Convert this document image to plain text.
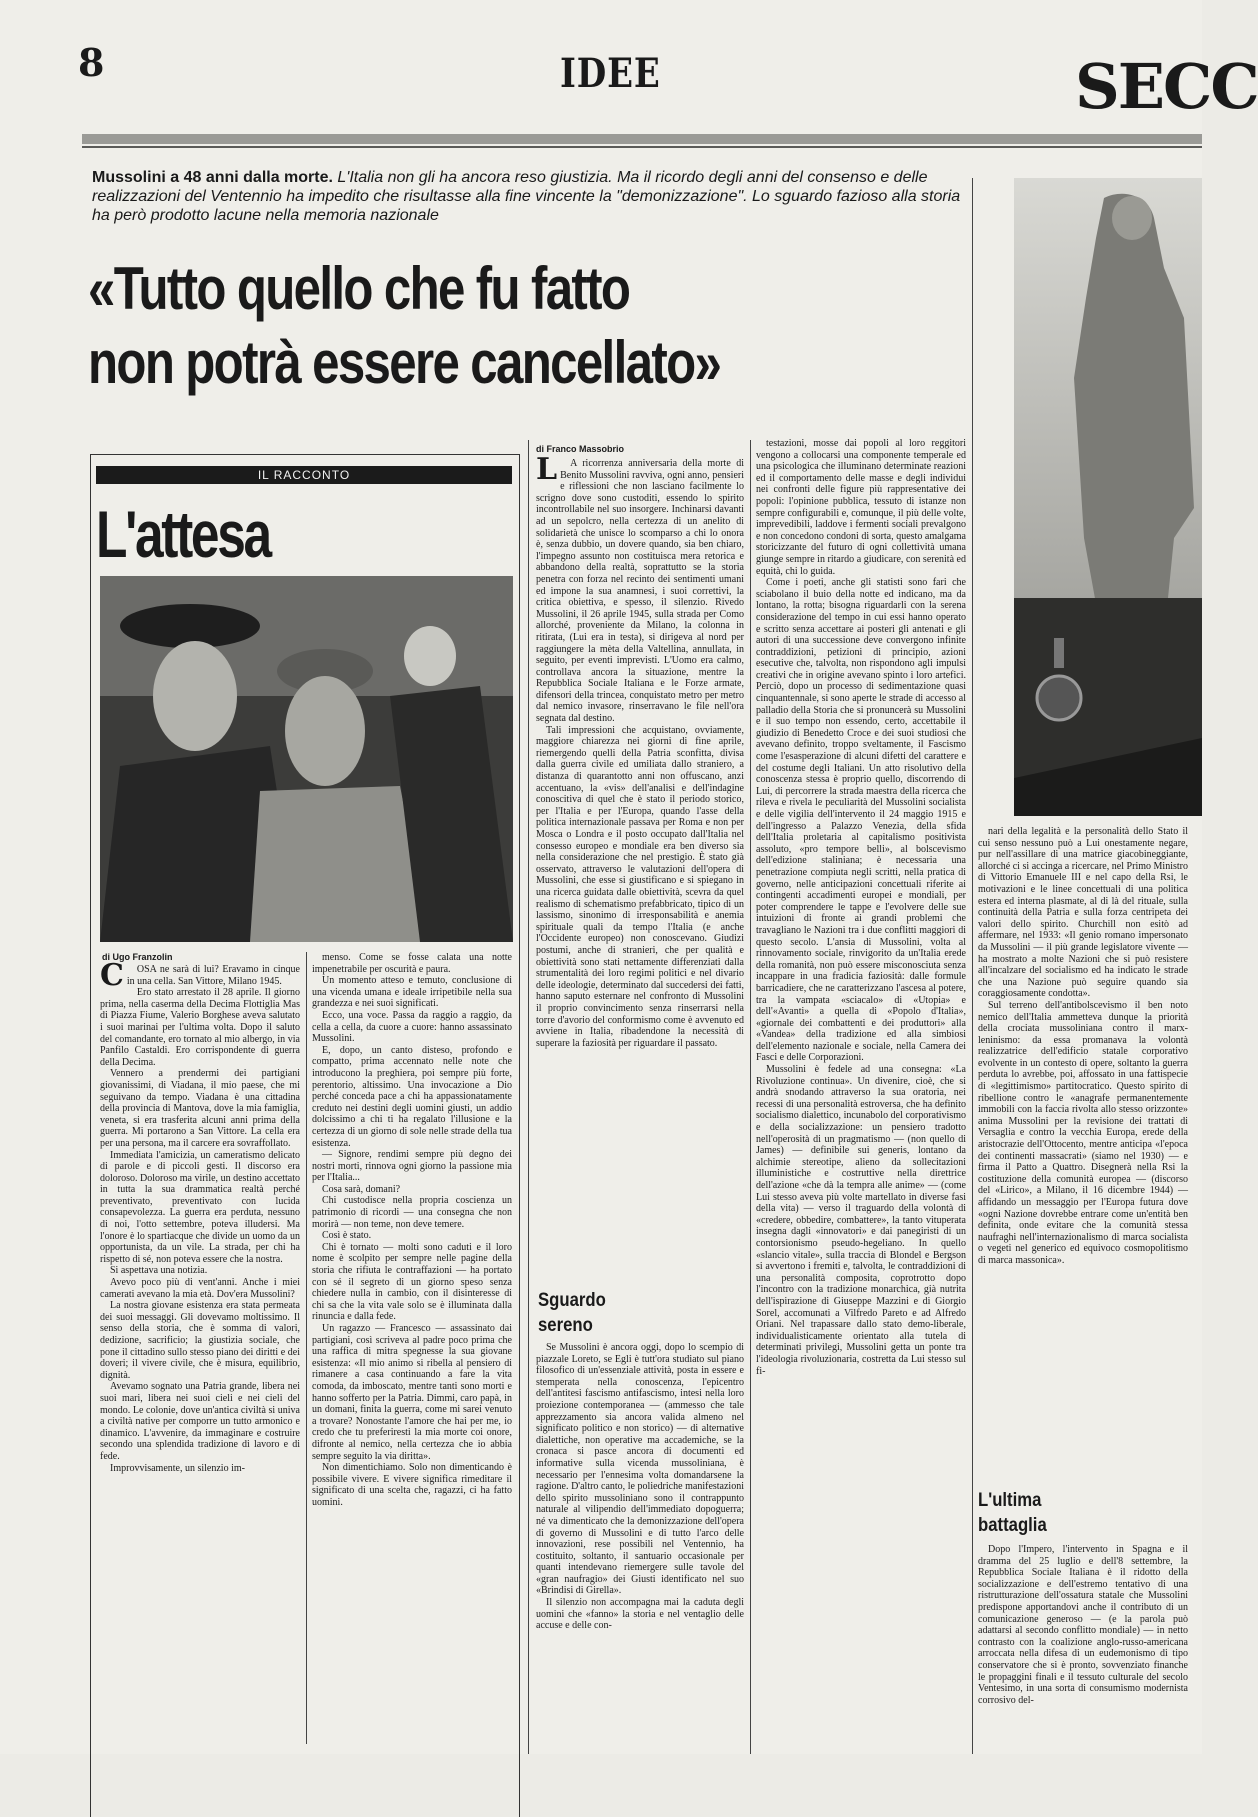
8	IDEE	SECC
Mussolini a 48 anni dalla morte. L'Italia non gli ha ancora reso giustizia. Ma il ricordo degli anni del consenso e delle realizzazioni del Ventennio ha impedito che risultasse alla fine vincente la "demonizzazione". Lo sguardo fazioso alla storia ha però prodotto lacune nella memoria nazionale
«Tutto quello che fu fatto
non potrà essere cancellato»
IL RACCONTO
L'attesa
di Ugo Franzolin
C	OSA ne sarà di lui? Eravamo in cinque in una cella. San Vittore, Milano 1945.

Ero stato arrestato il 28 aprile. Il giorno prima, nella caserma della Decima Flottiglia Mas di Piazza Fiume, Valerio Borghese aveva salutato i suoi marinai per l'ultima volta. Dopo il saluto del comandante, ero tornato al mio albergo, in via Panfilo Castaldi. Ero corrispondente di guerra della Decima.

Vennero a prendermi dei partigiani giovanissimi, di Viadana, il mio paese, che mi seguivano da tempo. Viadana è una cittadina della provincia di Mantova, dove la mia famiglia, veneta, si era trasferita alcuni anni prima della guerra. Mi portarono a San Vittore. La cella era per una persona, ma il carcere era sovraffollato.

Immediata l'amicizia, un cameratismo delicato di parole e di piccoli gesti. Il discorso era doloroso. Doloroso ma virile, un destino accettato in tutta la sua drammatica realtà perché preventivato, preventivato con lucida consapevolezza. La guerra era perduta, nessuno di noi, l'otto settembre, poteva illudersi. Ma l'onore è lo spartiacque che divide un uomo da un opportunista, da un vile. La strada, per chi ha rispetto di sé, non poteva essere che la nostra.

Si aspettava una notizia.

Avevo poco più di vent'anni. Anche i miei camerati avevano la mia età. Dov'era Mussolini?

La nostra giovane esistenza era stata permeata dei suoi messaggi. Gli dovevamo moltissimo. Il senso della storia, che è somma di valori, dedizione, sacrificio; la giustizia sociale, che pone il cittadino sullo stesso piano dei diritti e dei doveri; il vivere civile, che è misura, equilibrio, dignità.

Avevamo sognato una Patria grande, libera nei suoi mari, libera nei suoi cieli e nei cieli del mondo. Le colonie, dove un'antica civiltà si univa a civiltà native per comporre un tutto armonico e dinamico. L'avvenire, da immaginare e costruire secondo una splendida tradizione di lavoro e di fede.

Improvvisamente, un silenzio im-

menso. Come se fosse calata una notte impenetrabile per oscurità e paura.

Un momento atteso e temuto, conclusione di una vicenda umana e ideale irripetibile nella sua grandezza e nei suoi significati.

Ecco, una voce. Passa da raggio a raggio, da cella a cella, da cuore a cuore: hanno assassinato Mussolini.

E, dopo, un canto disteso, profondo e compatto, prima accennato nelle note che introducono la preghiera, poi sempre più forte, perentorio, altissimo. Una invocazione a Dio perché conceda pace a chi ha appassionatamente creduto nei destini degli uomini giusti, un addio dolcissimo a chi ti ha regalato l'illusione e la certezza di un giorno di sole nelle strade della tua esistenza.

— Signore, rendimi sempre più degno dei nostri morti, rinnova ogni giorno la passione mia per l'Italia...

Cosa sarà, domani?

Chi custodisce nella propria coscienza un patrimonio di ricordi — una consegna che non morirà — non teme, non deve temere.

Così è stato.

Chi è tornato — molti sono caduti e il loro nome è scolpito per sempre nelle pagine della storia che rifiuta le contraffazioni — ha portato con sé il segreto di un giorno speso senza chiedere nulla in cambio, con il disinteresse di chi sa che la vita vale solo se è illuminata dalla rinuncia e dalla fede.

Un ragazzo — Francesco — assassinato dai partigiani, così scriveva al padre poco prima che una raffica di mitra spegnesse la sua giovane esistenza: «Il mio animo si ribella al pensiero di rimanere a casa continuando a fare la vita comoda, da imboscato, mentre tanti sono morti e hanno sofferto per la Patria. Dimmi, caro papà, in un domani, finita la guerra, come mi sarei venuto a trovare? Nonostante l'amore che hai per me, io credo che tu preferiresti la mia morte coi onore, difronte al nemico, nella certezza che io abbia sempre seguito la via diritta».

Non dimentichiamo. Solo non dimenticando è possibile vivere. E vivere significa rimeditare il significato di una scelta che, ragazzi, ci ha fatto uomini.

di Franco Massobrio
L	A ricorrenza anniversaria della morte di Benito Mussolini ravviva, ogni anno, pensieri e riflessioni che non lasciano facilmente lo scrigno dove sono custoditi, essendo lo spirito incontrollabile nel suo insorgere. Inchinarsi davanti ad un sepolcro, nella certezza di un anelito di solidarietà che unisce lo scomparso a chi lo onora è, senza dubbio, un dovere quando, sia ben chiaro, l'impegno assunto non costituisca mera retorica e abbandono della realtà, soprattutto se la storia penetra con forza nel recinto dei sentimenti umani ed impone la sua anamnesi, i suoi correttivi, la critica obiettiva, e spesso, il silenzio. Rivedo Mussolini, il 26 aprile 1945, sulla strada per Como allorché, proveniente da Milano, la colonna in ritirata, (Lui era in testa), si dirigeva al nord per raggiungere la mèta della Valtellina, annullata, in seguito, per eventi imprevisti. L'Uomo era calmo, controllava ancora la situazione, mentre la Repubblica Sociale Italiana e le Forze armate, difensori della trincea, conquistato metro per metro dal nemico invasore, rinserravano le file nell'ora segnata dal destino.

Tali impressioni che acquistano, ovviamente, maggiore chiarezza nei giorni di fine aprile, riemergendo quelli della Patria sconfitta, divisa dalla guerra civile ed umiliata dallo straniero, a distanza di quarantotto anni non offuscano, anzi accentuano, la «vis» dell'analisi e dell'indagine conoscitiva di quel che è stato il periodo storico, per l'Italia e per l'Europa, quando l'asse della politica internazionale passava per Roma e non per Mosca o Londra e il posto occupato dall'Italia nel consesso europeo e mondiale era ben diverso sia nella considerazione che nel prestigio. È stato già osservato, attraverso le valutazioni dell'opera di Mussolini, che esse si giustificano e si spiegano in una ricerca guidata dalle obiettività, scevra da quel realismo di schematismo prefabbricato, tipico di un lassismo, sinonimo di irresponsabilità e anemia spirituale quali da tempo l'Italia (e anche l'Occidente europeo) non conoscevano. Giudizi postumi, anche di stranieri, che per qualità e obiettività sono stati nettamente differenziati dalla strumentalità dei loro regimi politici e nel divario delle ideologie, determinato dal succedersi dei fatti, hanno saputo esternare nel confronto di Mussolini il proprio convincimento senza rinserrarsi nella torre d'avorio del conformismo come è avvenuto ed avviene in Italia, ribadendone la necessità di superare la faziosità per riguardare il passato.

Sguardo sereno

Se Mussolini è ancora oggi, dopo lo scempio di piazzale Loreto, se Egli è tutt'ora studiato sul piano filosofico di un'essenziale attività, posta in essere e stemperata nella conoscenza, l'epicentro dell'antitesi fascismo antifascismo, intesi nella loro proiezione contemporanea — (ammesso che tale apprezzamento sia ancora valida almeno nel significato politico e non storico) — di alternative dialettiche, non operative ma accademiche, se la cronaca si pasce ancora di documenti ed informative sulla vicenda mussoliniana, è necessario per l'ennesima volta domandarsene la ragione. D'altro canto, le poliedriche manifestazioni dello spirito mussoliniano sono il contrappunto naturale al vilipendio dell'immediato dopoguerra; né va dimenticato che la demonizzazione dell'opera di governo di Mussolini e di tutto l'arco delle innovazioni, rese possibili nel Ventennio, ha costituito, soltanto, il santuario occasionale per quanti intendevano riemergere sulle tavole del «gran naufragio» dei Giusti identificato nel suo «Brindisi di Girella».

Il silenzio non accompagna mai la caduta degli uomini che «fanno» la storia e nel ventaglio delle accuse e delle con-

testazioni, mosse dai popoli al loro reggitori vengono a collocarsi una componente temperale ed una psicologica che illuminano determinate reazioni ed il comportamento delle masse e degli individui nei confronti delle figure più rappresentative dei popoli: l'opinione pubblica, tessuto di istanze non sempre configurabili e, comunque, il più delle volte, imprevedibili, laddove i fermenti sociali prevalgono e non concedono condoni di sorta, questo amalgama storicizzante del futuro di ogni collettività umana giunge sempre in ritardo a giudicare, con serenità ed equità, chi lo guida.

Come i poeti, anche gli statisti sono fari che sciabolano il buio della notte ed indicano, ma da lontano, la rotta; bisogna riguardarli con la serena considerazione del tempo in cui essi hanno operato e scritto senza accettare ai posteri gli antenati e gli autori di una successione deve convergono infinite contraddizioni, petizioni di principio, azioni esecutive che, talvolta, non rispondono agli impulsi creativi che in origine avevano spinto i loro artefici. Perciò, dopo un processo di sedimentazione quasi cinquantennale, si sono aperte le strade di accesso al palladio della Storia che si pronuncerà su Mussolini e il suo tempo non essendo, certo, accettabile il giudizio di Benedetto Croce e dei suoi studiosi che avevano definito, troppo sveltamente, il Fascismo come l'esasperazione di alcuni difetti del carattere e del costume degli Italiani. Un atto risolutivo della conoscenza stessa è proprio quello, discorrendo di Lui, di percorrere la strada maestra della ricerca che rileva e rivela le peculiarità del Mussolini socialista e delle vigilia dell'intervento il 24 maggio 1915 e dell'ingresso a Palazzo Venezia, della sfida dell'Italia proletaria al capitalismo positivista assoluto, «pro tempore belli», al bolscevismo dell'edizione staliniana; è necessaria una penetrazione compiuta negli scritti, nella pratica di governo, nelle anticipazioni concettuali riferite ai contingenti accadimenti europei e mondiali, per poter comprendere le tappe e l'evolvere delle sue intuizioni di fronte ai grandi problemi che travagliano le Nazioni tra i due conflitti maggiori di questo secolo. L'ansia di Mussolini, volta al rinnovamento sociale, rinvigorito da un'Italia erede della romanità, non può essere misconosciuta senza incappare in una fradicia faziosità: dalle formule barricadiere, che ne caratterizzano l'ascesa al potere, tra la vampata «sciacalo» di «Utopia» e dell'«Avanti» a quella di «Popolo d'Italia», «giornale dei combattenti e dei produttori» alla «Vandea» della tradizione ed alla simbiosi dell'elemento nazionale e sociale, nella Camera dei Fasci e delle Corporazioni.

Mussolini è fedele ad una consegna: «La Rivoluzione continua». Un divenire, cioè, che si andrà snodando attraverso la sua oratoria, nei recessi di una personalità estroversa, che ha definito socialismo dialettico, incunabolo del corporativismo e della socializzazione: un pensiero tradotto nell'operosità di un pragmatismo — (non quello di James) — definibile sui generis, lontano da alchimie stereotipe, alieno da sollecitazioni illuministiche e costruttive nella direttrice dell'azione «che dà la tempra alle anime» — (come Lui stesso aveva più volte martellato in diverse fasi della vita) — verso il traguardo della volontà di «credere, obbedire, combattere», la tanto vituperata insegna dagli «innovatori» e dai panegiristi di un contorsionismo pseudo-hegeliano. In quello «slancio vitale», sulla traccia di Blondel e Bergson si avvertono i fremiti e, talvolta, le contraddizioni di una personalità composita, coprotrotto dopo l'incontro con la tradizione monarchica, già nutrita dell'ispirazione di Giuseppe Mazzini e di Giorgio Sorel, accomunati a Vilfredo Pareto e ad Alfredo Oriani. Nel trapassare dallo stato demo-liberale, individualisticamente orientato alla tutela di determinati privilegi, Mussolini getta un ponte tra l'ideologia rivoluzionaria, costretta da Lui stesso sul fi-

nari della legalità e la personalità dello Stato il cui senso nessuno può a Lui onestamente negare, pur nell'assillare di una matrice giacobineggiante, allorché ci si accinga a ricercare, nel Primo Ministro di Vittorio Emanuele III e nel capo della Rsi, le motivazioni e le linee concettuali di una politica estera ed interna plasmate, al di là del rituale, sulla continuità della Patria e sulla forza centripeta dei valori dello spirito. Churchill non esitò ad affermare, nel 1933: «Il genio romano impersonato da Mussolini — il più grande legislatore vivente — ha mostrato a molte Nazioni che si può resistere all'incalzare del socialismo ed ha indicato le strade che una Nazione può seguire quando sia coraggiosamente condotta».

Sul terreno dell'antibolscevismo il ben noto nemico dell'Italia ammetteva dunque la priorità della crociata mussoliniana contro il marx-leninismo: da essa promanava la volontà realizzatrice dell'edificio statale corporativo evolvente in un contesto di opere, soltanto la guerra perduta lo avrebbe, poi, affossato in una fattispecie di «legittimismo» partitocratico. Questo spirito di ribellione contro le «anagrafe permanentemente immobili con la faccia rivolta allo stesso orizzonte» anima Mussolini per la revisione dei trattati di Versaglia e contro la vecchia Europa, erede della aristocrazie dell'Ottocento, mentre anticipa «l'epoca dei continenti massacrati» (siamo nel 1930) — e firma il Patto a Quattro. Disegnerà nella Rsi la costituzione della comunità europea — (discorso del «Lirico», a Milano, il 16 dicembre 1944) — affidando un messaggio per l'Europa futura dove «ogni Nazione dovrebbe entrare come un'entità ben definita, onde evitare che la comunità stessa naufraghi nell'internazionalismo di marca socialista o vegeti nel generico ed equivoco cosmopolitismo di marca massonica».

L'ultima battaglia

Dopo l'Impero, l'intervento in Spagna e il dramma del 25 luglio e dell'8 settembre, la Repubblica Sociale Italiana è il ridotto della socializzazione e dell'estremo tentativo di una ristrutturazione dell'ossatura statale che Mussolini predispone apportandovi anche il contributo di un comunicazione generoso — (e la parola può adattarsi al secondo conflitto mondiale) — in netto contrasto con la coalizione anglo-russo-americana arroccata nella difesa di un eudemonismo di tipo conservatore che si è pronto, sovvenziato finanche le propaggini finali e il tessuto culturale del secolo Ventesimo, in una sorta di consumismo modernista corrosivo del-
